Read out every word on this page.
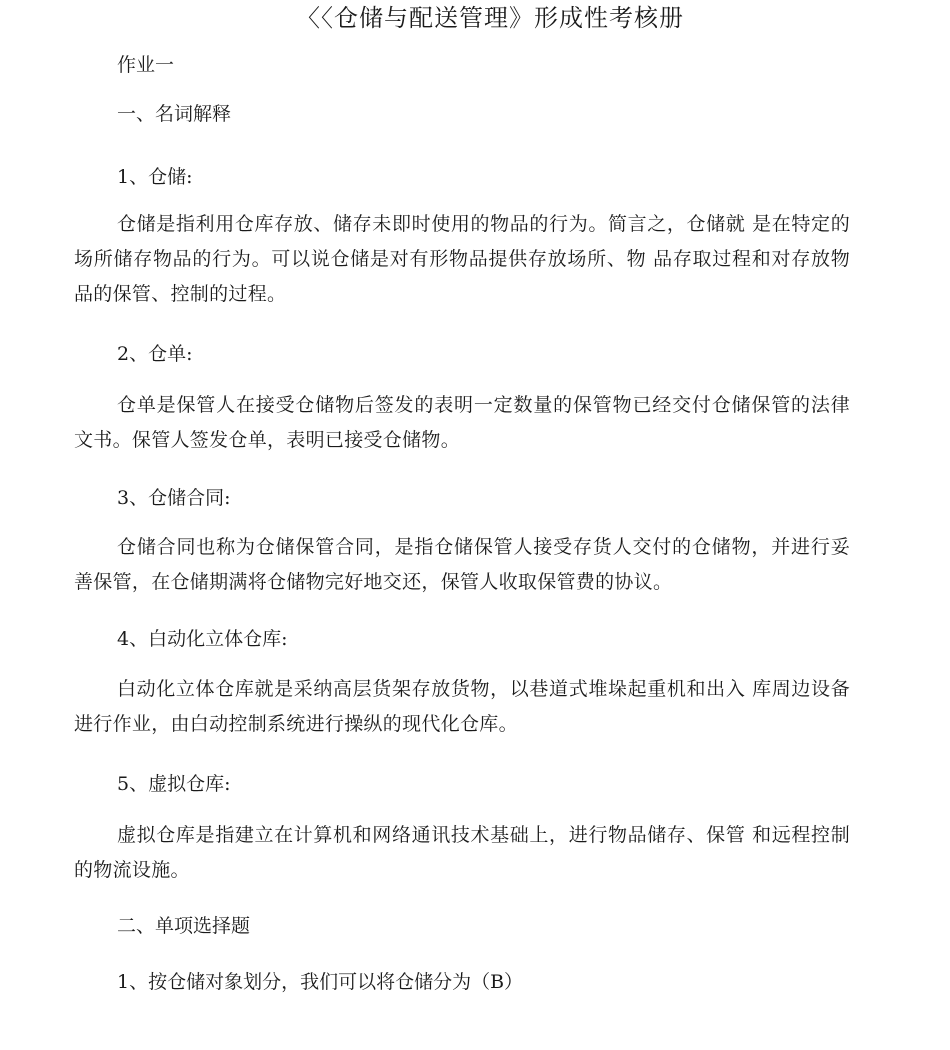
〈〈仓储与配送管理》形成性考核册
作业一
一、名词解释
1、仓储:
仓储是指利用仓库存放、储存未即时使用的物品的行为。简言之，仓储就 是在特定的场所储存物品的行为。可以说仓储是对有形物品提供存放场所、物 品存取过程和对存放物品的保管、控制的过程。
2、仓单:
仓单是保管人在接受仓储物后签发的表明一定数量的保管物已经交付仓储保管的法律文书。保管人签发仓单，表明已接受仓储物。
3、仓储合同:
仓储合同也称为仓储保管合同，是指仓储保管人接受存货人交付的仓储物，并进行妥善保管，在仓储期满将仓储物完好地交还，保管人收取保管费的协议。
4、白动化立体仓库:
白动化立体仓库就是采纳高层货架存放货物，以巷道式堆垛起重机和出入 库周边设备进行作业，由白动控制系统进行操纵的现代化仓库。
5、虚拟仓库:
虚拟仓库是指建立在计算机和网络通讯技术基础上，进行物品储存、保管 和远程控制的物流设施。
二、单项选择题
1、按仓储对象划分，我们可以将仓储分为（B）
